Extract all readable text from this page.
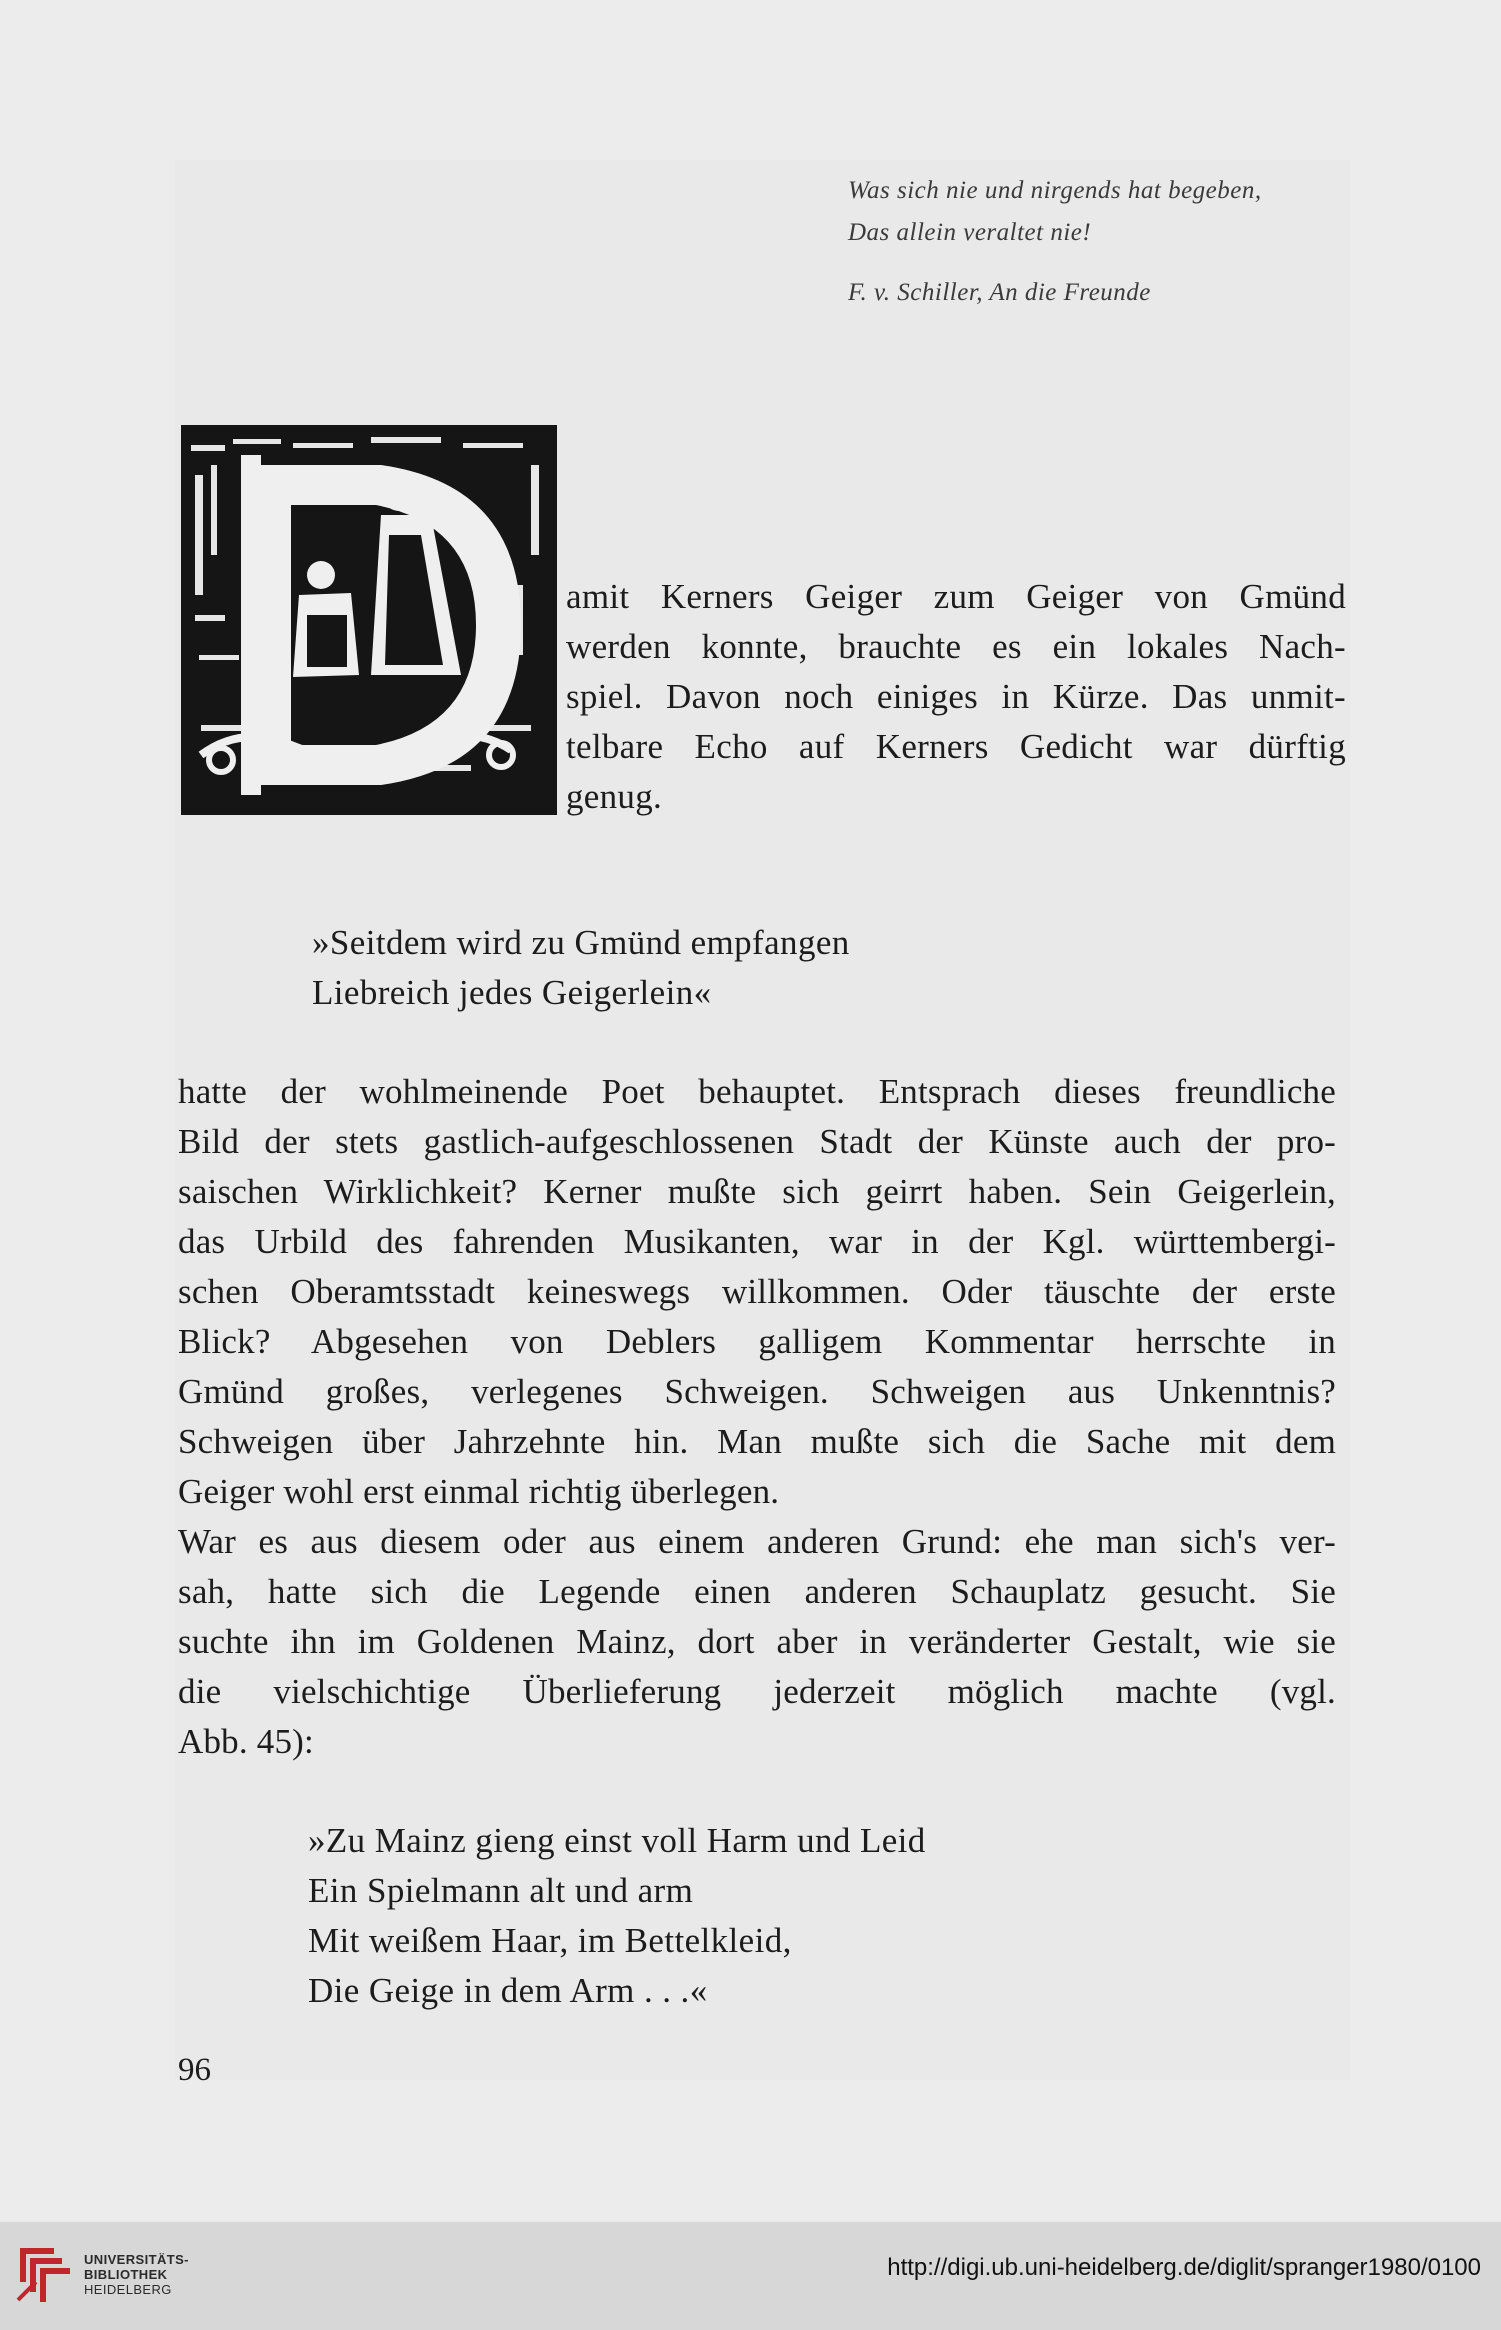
Was sich nie und nirgends hat begeben,
Das allein veraltet nie!
F. v. Schiller, An die Freunde
amit Kerners Geiger zum Geiger von Gmünd
werden konnte, brauchte es ein lokales Nach-
spiel. Davon noch einiges in Kürze. Das unmit-
telbare Echo auf Kerners Gedicht war dürftig
genug.
»Seitdem wird zu Gmünd empfangen
Liebreich jedes Geigerlein«
hatte der wohlmeinende Poet behauptet. Entsprach dieses freundliche
Bild der stets gastlich-aufgeschlossenen Stadt der Künste auch der pro-
saischen Wirklichkeit? Kerner mußte sich geirrt haben. Sein Geigerlein,
das Urbild des fahrenden Musikanten, war in der Kgl. württembergi-
schen Oberamtsstadt keineswegs willkommen. Oder täuschte der erste
Blick? Abgesehen von Deblers galligem Kommentar herrschte in
Gmünd großes, verlegenes Schweigen. Schweigen aus Unkenntnis?
Schweigen über Jahrzehnte hin. Man mußte sich die Sache mit dem
Geiger wohl erst einmal richtig überlegen.
War es aus diesem oder aus einem anderen Grund: ehe man sich's ver-
sah, hatte sich die Legende einen anderen Schauplatz gesucht. Sie
suchte ihn im Goldenen Mainz, dort aber in veränderter Gestalt, wie sie
die vielschichtige Überlieferung jederzeit möglich machte (vgl.
Abb. 45):
»Zu Mainz gieng einst voll Harm und Leid
Ein Spielmann alt und arm
Mit weißem Haar, im Bettelkleid,
Die Geige in dem Arm . . .«
96
UNIVERSITÄTS-
BIBLIOTHEK
HEIDELBERG
http://digi.ub.uni-heidelberg.de/diglit/spranger1980/0100
